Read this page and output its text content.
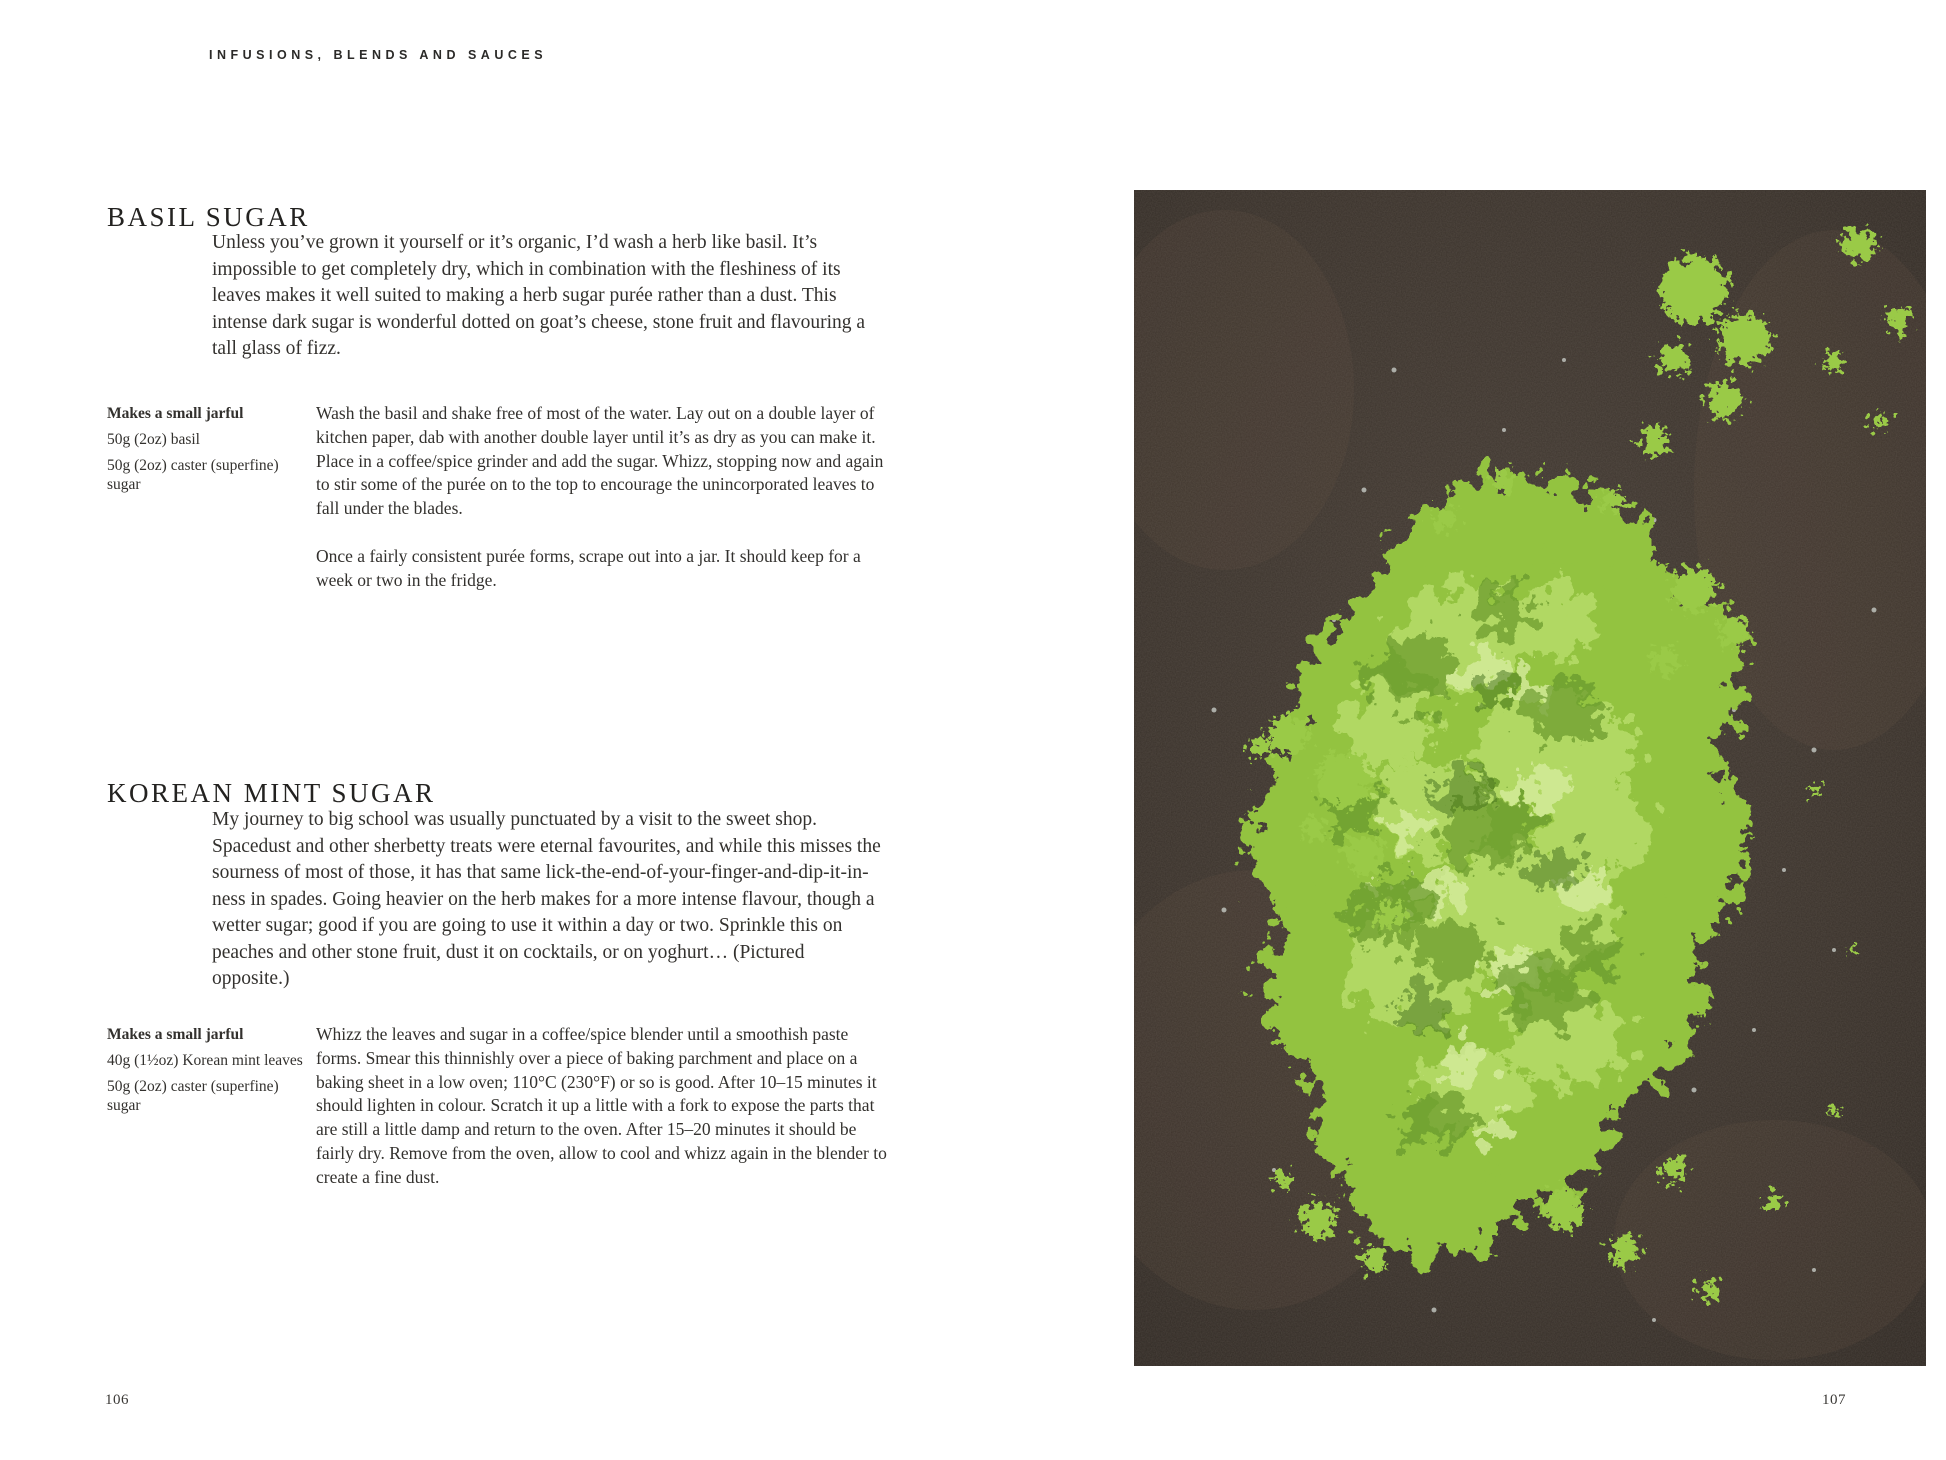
INFUSIONS, BLENDS AND SAUCES
BASIL SUGAR
Unless you’ve grown it yourself or it’s organic, I’d wash a herb like basil. It’s impossible to get completely dry, which in combination with the fleshiness of its leaves makes it well suited to making a herb sugar purée rather than a dust. This intense dark sugar is wonderful dotted on goat’s cheese, stone fruit and flavouring a tall glass of fizz.

Makes a small jarful

50g (2oz) basil

50g (2oz) caster (superfine) sugar

Wash the basil and shake free of most of the water. Lay out on a double layer of kitchen paper, dab with another double layer until it’s as dry as you can make it. Place in a coffee/spice grinder and add the sugar. Whizz, stopping now and again to stir some of the purée on to the top to encourage the unincorporated leaves to fall under the blades.

Once a fairly consistent purée forms, scrape out into a jar. It should keep for a week or two in the fridge.

KOREAN MINT SUGAR
My journey to big school was usually punctuated by a visit to the sweet shop. Spacedust and other sherbetty treats were eternal favourites, and while this misses the sourness of most of those, it has that same lick-the-end-of-your-finger-and-dip-it-in-ness in spades. Going heavier on the herb makes for a more intense flavour, though a wetter sugar; good if you are going to use it within a day or two. Sprinkle this on peaches and other stone fruit, dust it on cocktails, or on yoghurt… (Pictured opposite.)

Makes a small jarful

40g (1½oz) Korean mint leaves

50g (2oz) caster (superfine) sugar

Whizz the leaves and sugar in a coffee/spice blender until a smoothish paste forms. Smear this thinnishly over a piece of baking parchment and place on a baking sheet in a low oven; 110°C (230°F) or so is good. After 10–15 minutes it should lighten in colour. Scratch it up a little with a fork to expose the parts that are still a little damp and return to the oven. After 15–20 minutes it should be fairly dry. Remove from the oven, allow to cool and whizz again in the blender to create a fine dust.

106	107
